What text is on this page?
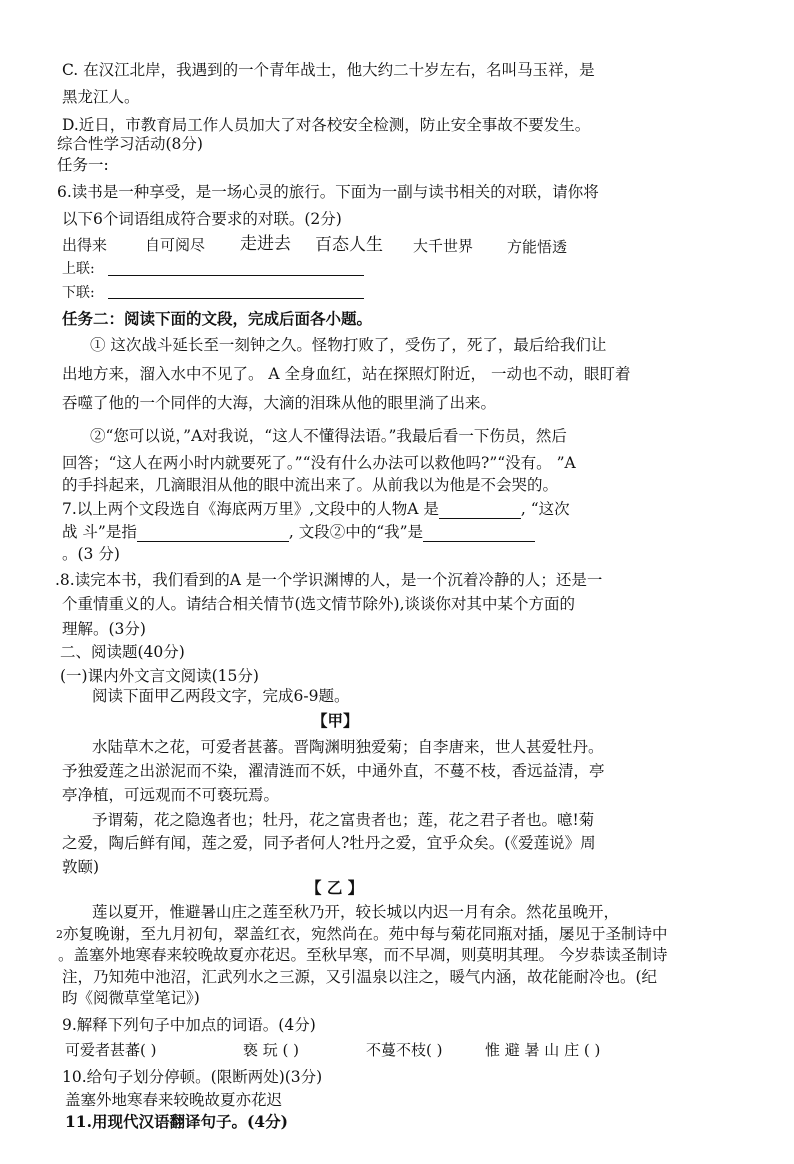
C. 在汉江北岸，我遇到的一个青年战士，他大约二十岁左右，名叫马玉祥，是
黑龙江人。
D.近日，市教育局工作人员加大了对各校安全检测，防止安全事故不要发生。
综合性学习活动(8分)
任务一:
6.读书是一种享受，是一场心灵的旅行。下面为一副与读书相关的对联，请你将
以下6个词语组成符合要求的对联。(2分)
出得来	自可阅尽 走进去 百态人生 大千世界 方能悟透
上联:
下联:
任务二：阅读下面的文段，完成后面各小题。
① 这次战斗延长至一刻钟之久。怪物打败了，受伤了，死了，最后给我们让
出地方来，溜入水中不见了。 A 全身血红，站在探照灯附近， 一动也不动，眼盯着
吞噬了他的一个同伴的大海，大滴的泪珠从他的眼里淌了出来。
②“您可以说，”A对我说，“这人不懂得法语。”我最后看一下伤员，然后
回答；“这人在两小时内就要死了。”“没有什么办法可以救他吗?”“没有。 ”A
的手抖起来，几滴眼泪从他的眼中流出来了。从前我以为他是不会哭的。
7.以上两个文段选自《海底两万里》,文段中的人物A 是	, “这次
战 斗”是指	, 文段②中的“我”是
。(3 分)
.8.读完本书，我们看到的A 是一个学识渊博的人，是一个沉着冷静的人；还是一
个重情重义的人。请结合相关情节(选文情节除外),谈谈你对其中某个方面的
理解。(3分)
二、阅读题(40分)
(一)课内外文言文阅读(15分)
阅读下面甲乙两段文字，完成6-9题。
【甲】
水陆草木之花，可爱者甚蕃。晋陶渊明独爱菊；自李唐来，世人甚爱牡丹。
予独爱莲之出淤泥而不染，濯清涟而不妖，中通外直，不蔓不枝，香远益清，亭
亭净植，可远观而不可亵玩焉。
予谓菊，花之隐逸者也；牡丹，花之富贵者也；莲，花之君子者也。噫!菊
之爱，陶后鲜有闻，莲之爱，同予者何人?牡丹之爱，宜乎众矣。(《爱莲说》周
敦颐)
【 乙 】
莲以夏开，惟避暑山庄之莲至秋乃开，较长城以内迟一月有余。然花虽晚开，
2 亦复晚谢，至九月初旬，翠盖红衣，宛然尚在。苑中每与菊花同瓶对插，屡见于圣制诗中
。盖塞外地寒春来较晚故夏亦花迟。至秋早寒，而不早凋，则莫明其理。 今岁恭读圣制诗
注，乃知苑中池沼，汇武列水之三源，又引温泉以注之，暖气内涵，故花能耐冷也。(纪
昀《阅微草堂笔记》)
9.解释下列句子中加点的词语。(4分)
可爱者甚蕃( )	亵 玩 ( )	不蔓不枝( )	惟 避 暑 山 庄 ( )
10.给句子划分停顿。(限断两处)(3分)
盖塞外地寒春来较晚故夏亦花迟
11.用现代汉语翻译句子。(4分)
